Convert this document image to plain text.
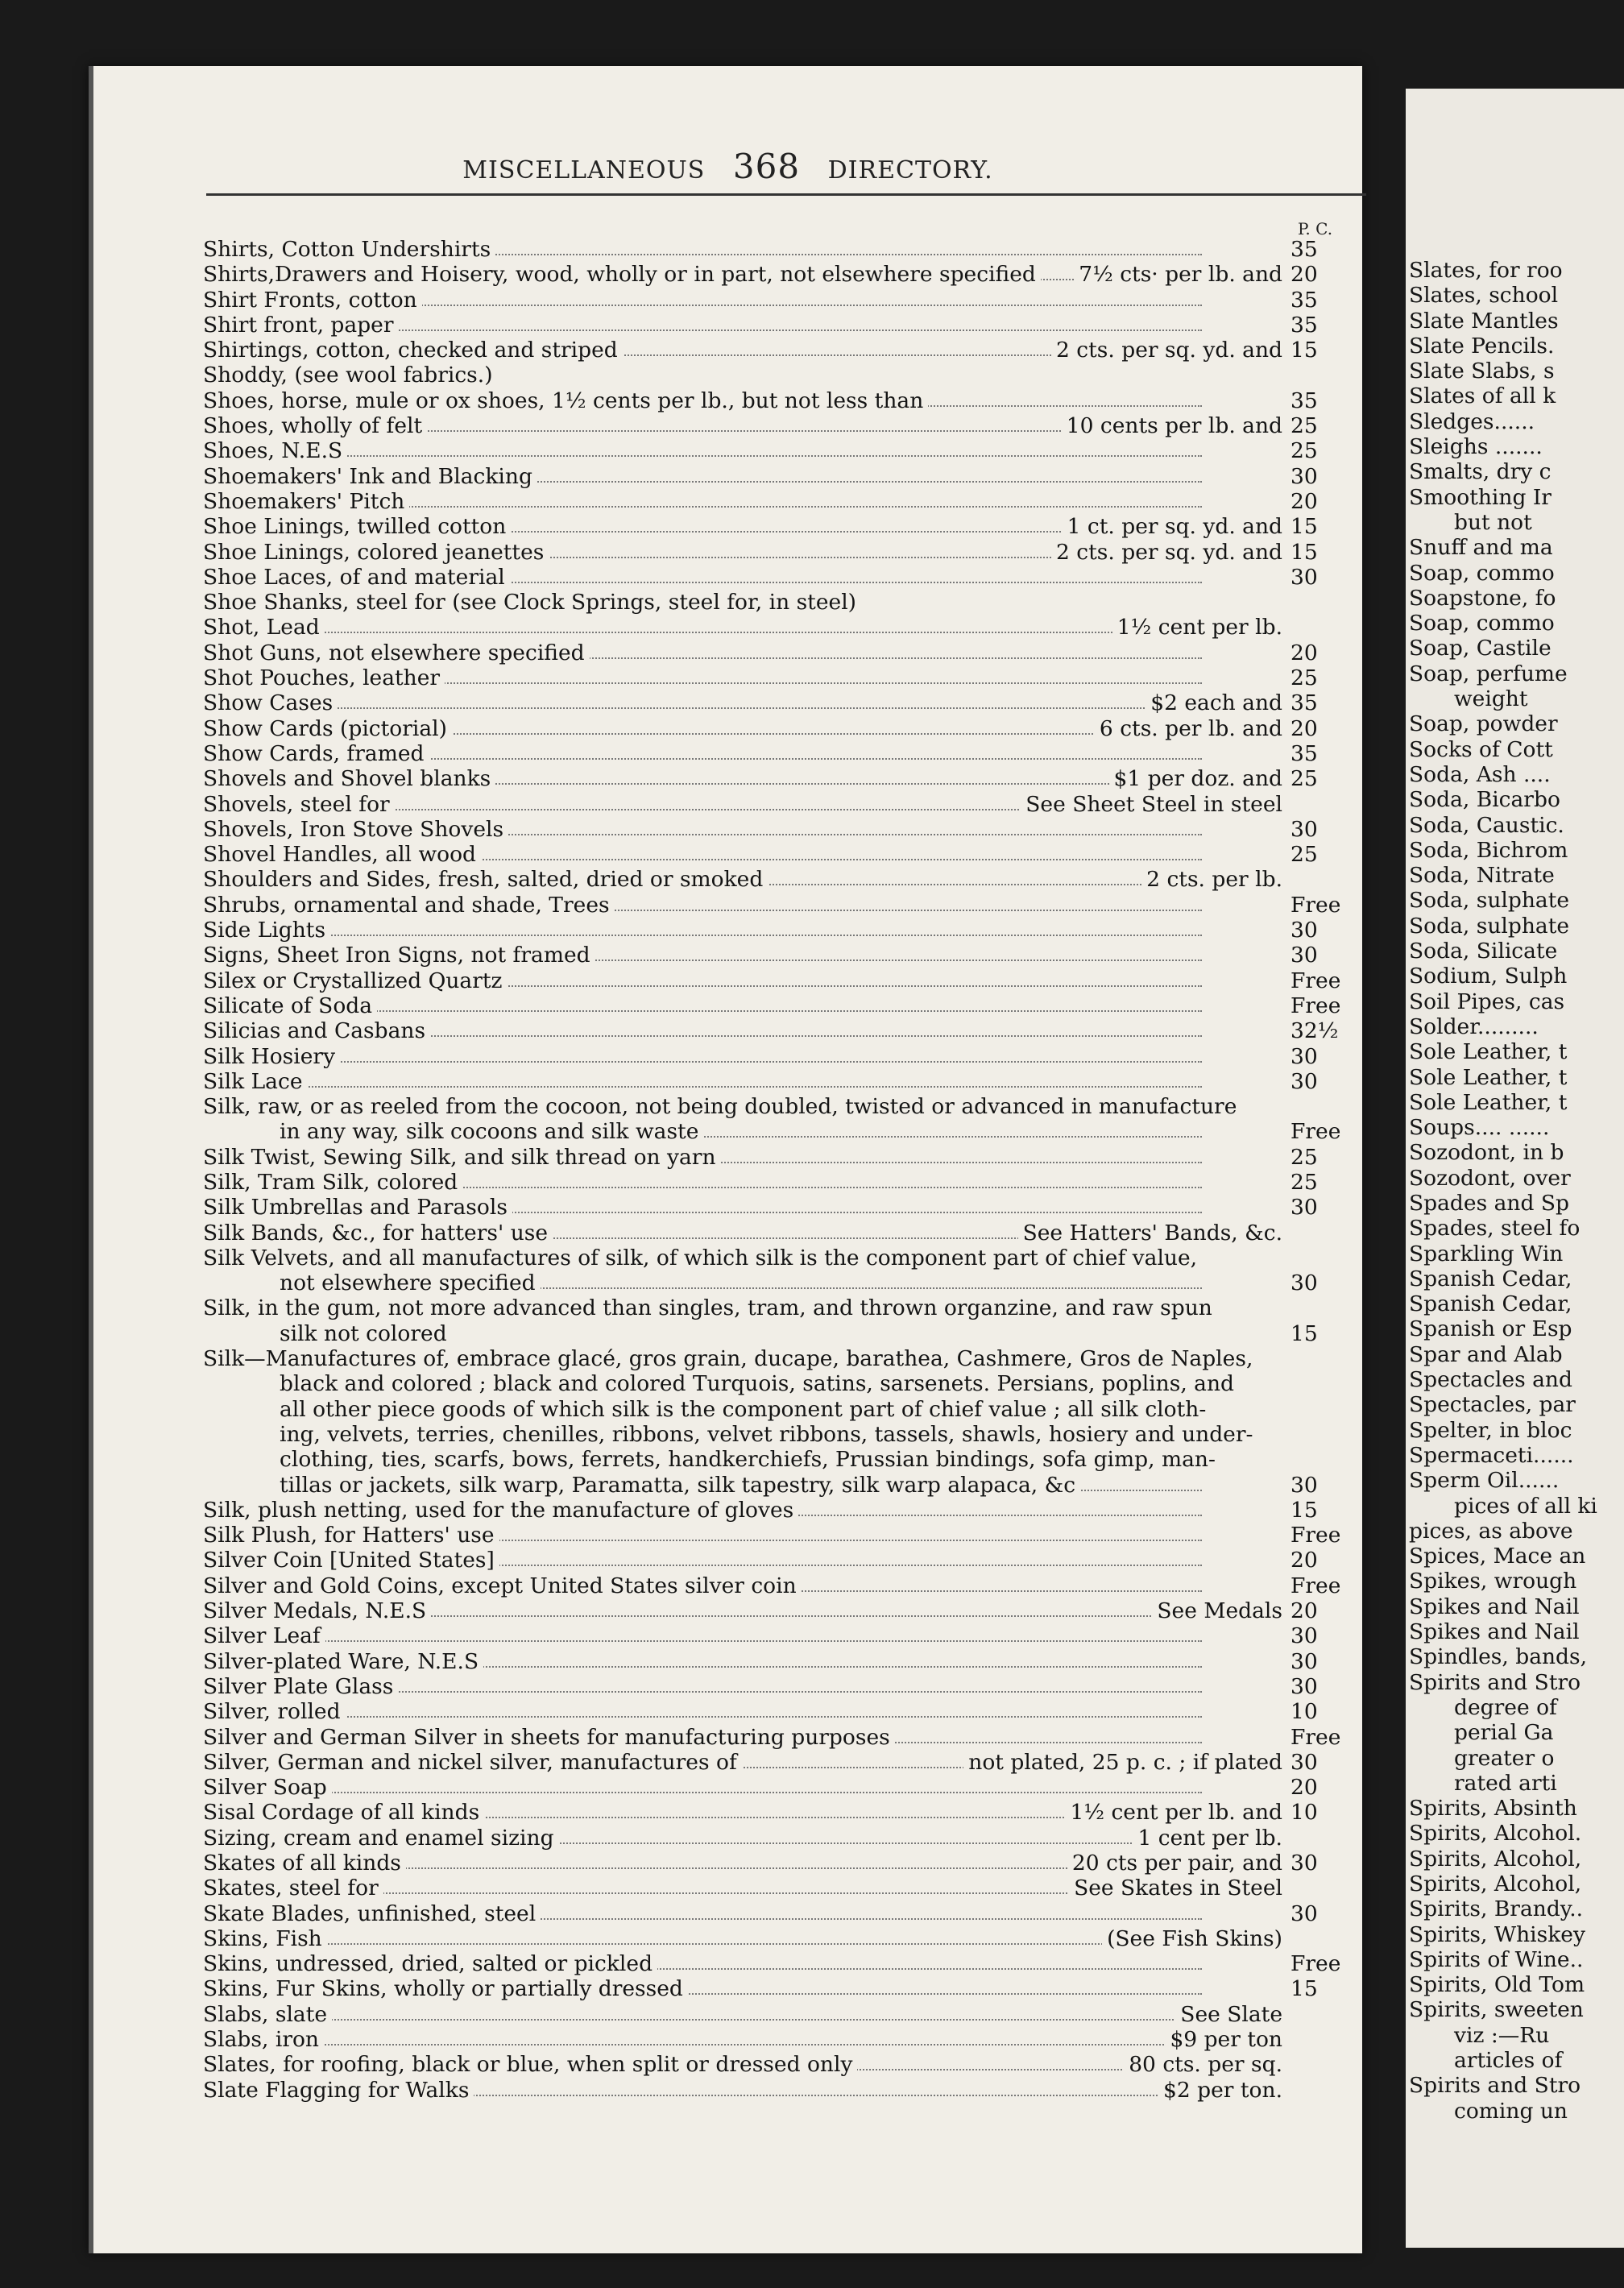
MISCELLANEOUS 368 DIRECTORY.
P. C.
Shirts, Cotton Undershirts	35
Shirts,Drawers and Hoisery, wood, wholly or in part, not elsewhere specified 7½ cts· per lb. and 20
Shirt Fronts, cotton	35
Shirt front, paper	35
Shirtings, cotton, checked and striped	2 cts. per sq. yd. and 15
Shoddy, (see wool fabrics.)
Shoes, horse, mule or ox shoes, 1½ cents per lb., but not less than	35
Shoes, wholly of felt	10 cents per lb. and 25
Shoes, N.E.S	25
Shoemakers' Ink and Blacking	30
Shoemakers' Pitch	20
Shoe Linings, twilled cotton	1 ct. per sq. yd. and 15
Shoe Linings, colored jeanettes	2 cts. per sq. yd. and 15
Shoe Laces, of and material	30
Shoe Shanks, steel for (see Clock Springs, steel for, in steel)
Shot, Lead	1½ cent per lb.
Shot Guns, not elsewhere specified	20
Shot Pouches, leather	25
Show Cases	$2 each and 35
Show Cards (pictorial)	6 cts. per lb. and 20
Show Cards, framed	35
Shovels and Shovel blanks	$1 per doz. and 25
Shovels, steel for	See Sheet Steel in steel
Shovels, Iron Stove Shovels	30
Shovel Handles, all wood	25
Shoulders and Sides, fresh, salted, dried or smoked	2 cts. per lb.
Shrubs, ornamental and shade, Trees	Free
Side Lights	30
Signs, Sheet Iron Signs, not framed	30
Silex or Crystallized Quartz	Free
Silicate of Soda	Free
Silicias and Casbans	32½
Silk Hosiery	30
Silk Lace	30
Silk, raw, or as reeled from the cocoon, not being doubled, twisted or advanced in manufacture
in any way, silk cocoons and silk waste	Free
Silk Twist, Sewing Silk, and silk thread on yarn	25
Silk, Tram Silk, colored	25
Silk Umbrellas and Parasols	30
Silk Bands, &c., for hatters' use	See Hatters' Bands, &c.
Silk Velvets, and all manufactures of silk, of which silk is the component part of chief value,
not elsewhere specified	30
Silk, in the gum, not more advanced than singles, tram, and thrown organzine, and raw spun
silk not colored	15
Silk—Manufactures of, embrace glacé, gros grain, ducape, barathea, Cashmere, Gros de Naples,
black and colored ; black and colored Turquois, satins, sarsenets. Persians, poplins, and
all other piece goods of which silk is the component part of chief value ; all silk cloth-
ing, velvets, terries, chenilles, ribbons, velvet ribbons, tassels, shawls, hosiery and under-
clothing, ties, scarfs, bows, ferrets, handkerchiefs, Prussian bindings, sofa gimp, man-
tillas or jackets, silk warp, Paramatta, silk tapestry, silk warp alapaca, &c	30
Silk, plush netting, used for the manufacture of gloves	15
Silk Plush, for Hatters' use	Free
Silver Coin [United States]	20
Silver and Gold Coins, except United States silver coin	Free
Silver Medals, N.E.S	See Medals 20
Silver Leaf	30
Silver-plated Ware, N.E.S	30
Silver Plate Glass	30
Silver, rolled	10
Silver and German Silver in sheets for manufacturing purposes	Free
Silver, German and nickel silver, manufactures of	not plated, 25 p. c. ; if plated 30
Silver Soap	20
Sisal Cordage of all kinds	1½ cent per lb. and 10
Sizing, cream and enamel sizing	1 cent per lb.
Skates of all kinds	20 cts per pair, and 30
Skates, steel for	See Skates in Steel
Skate Blades, unfinished, steel	30
Skins, Fish	(See Fish Skins)
Skins, undressed, dried, salted or pickled	Free
Skins, Fur Skins, wholly or partially dressed	15
Slabs, slate	See Slate
Slabs, iron	$9 per ton
Slates, for roofing, black or blue, when split or dressed only	80 cts. per sq.
Slate Flagging for Walks	$2 per ton.
Slates, for roo
Slates, school
Slate Mantles
Slate Pencils.
Slate Slabs, s
Slates of all k
Sledges......
Sleighs .......
Smalts, dry c
Smoothing Ir
but not
Snuff and ma
Soap, commo
Soapstone, fo
Soap, commo
Soap, Castile
Soap, perfume
weight
Soap, powder
Socks of Cott
Soda, Ash ....
Soda, Bicarbo
Soda, Caustic.
Soda, Bichrom
Soda, Nitrate
Soda, sulphate
Soda, sulphate
Soda, Silicate
Sodium, Sulph
Soil Pipes, cas
Solder.........
Sole Leather, t
Sole Leather, t
Sole Leather, t
Soups.... ......
Sozodont, in b
Sozodont, over
Spades and Sp
Spades, steel fo
Sparkling Win
Spanish Cedar,
Spanish Cedar,
Spanish or Esp
Spar and Alab
Spectacles and
Spectacles, par
Spelter, in bloc
Spermaceti......
Sperm Oil......
pices of all ki
pices, as above
Spices, Mace an
Spikes, wrough
Spikes and Nail
Spikes and Nail
Spindles, bands,
Spirits and Stro
degree of
perial Ga
greater o
rated arti
Spirits, Absinth
Spirits, Alcohol.
Spirits, Alcohol,
Spirits, Alcohol,
Spirits, Brandy..
Spirits, Whiskey
Spirits of Wine..
Spirits, Old Tom
Spirits, sweeten
viz :—Ru
articles of
Spirits and Stro
coming un
